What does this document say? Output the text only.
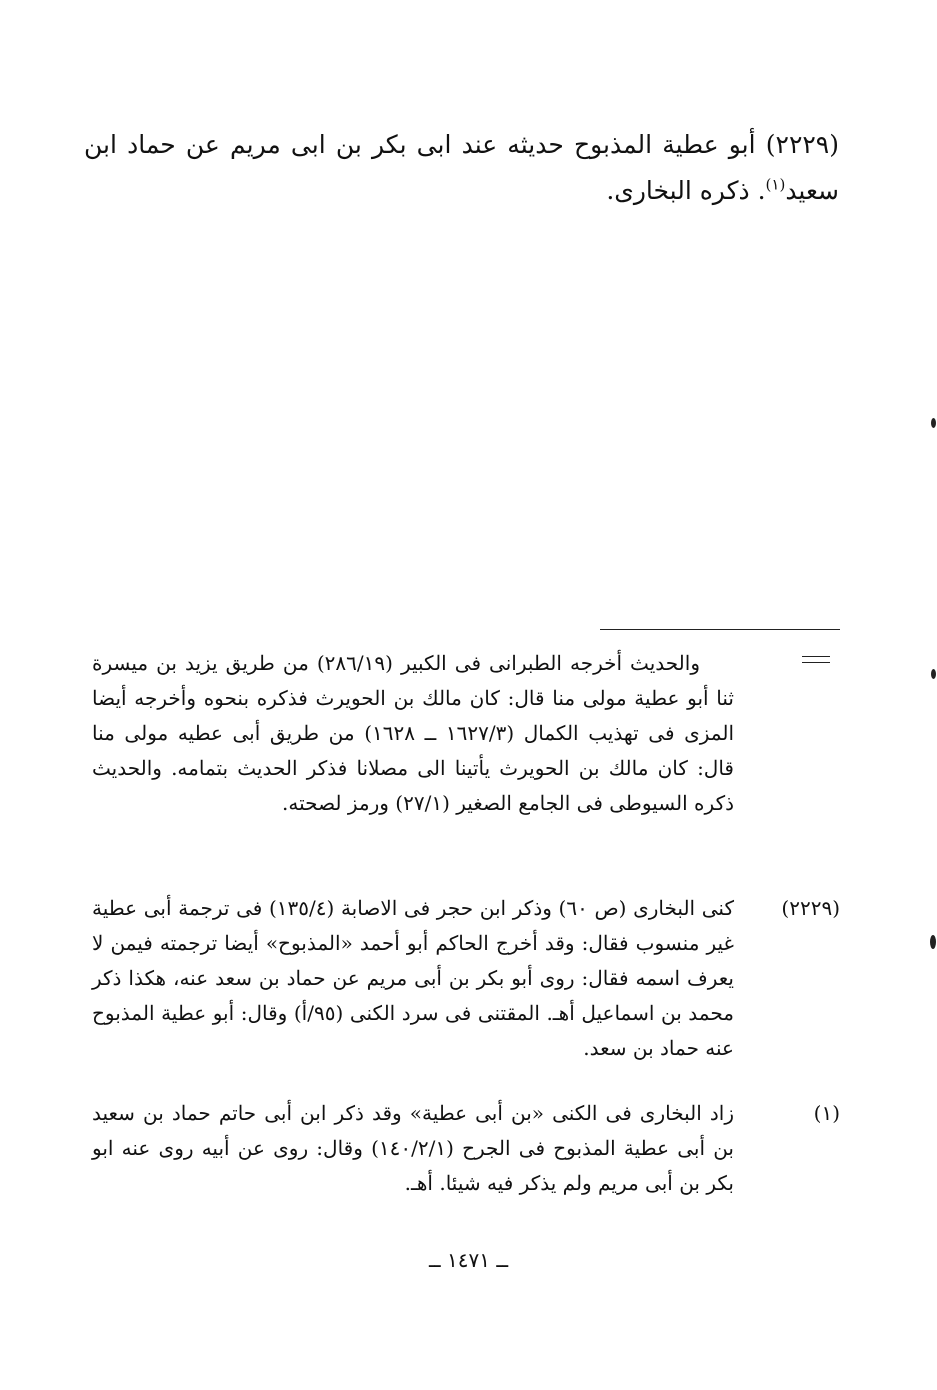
(٢٢٢٩) أبو عطية المذبوح حديثه عند ابى بكر بن ابى مريم عن حماد ابن سعيد$^{(١)}$. ذكره البخارى.
والحديث أخرجه الطبرانى فى الكبير (٢٨٦/١٩) من طريق يزيد بن ميسرة ثنا أبو عطية مولى منا قال: كان مالك بن الحويرث فذكره بنحوه وأخرجه أيضا المزى فى تهذيب الكمال (١٦٢٧/٣ ــ ١٦٢٨) من طريق أبى عطيه مولى منا قال: كان مالك بن الحويرث يأتينا الى مصلانا فذكر الحديث بتمامه. والحديث ذكره السيوطى فى الجامع الصغير (٢٧/١) ورمز لصحته.
(٢٢٢٩)
كنى البخارى (ص ٦٠) وذكر ابن حجر فى الاصابة (١٣٥/٤) فى ترجمة أبى عطية غير منسوب فقال: وقد أخرج الحاكم أبو أحمد «المذبوح» أيضا ترجمته فيمن لا يعرف اسمه فقال: روى أبو بكر بن أبى مريم عن حماد بن سعد عنه، هكذا ذكر محمد بن اسماعيل أهـ. المقتنى فى سرد الكنى (٩٥/أ) وقال: أبو عطية المذبوح عنه حماد بن سعد.
(١)
زاد البخارى فى الكنى «بن أبى عطية» وقد ذكر ابن أبى حاتم حماد بن سعيد بن أبى عطية المذبوح فى الجرح (١٤٠/٢/١) وقال: روى عن أبيه روى عنه ابو بكر بن أبى مريم ولم يذكر فيه شيئا. أهـ.
ــ ١٤٧١ ــ
